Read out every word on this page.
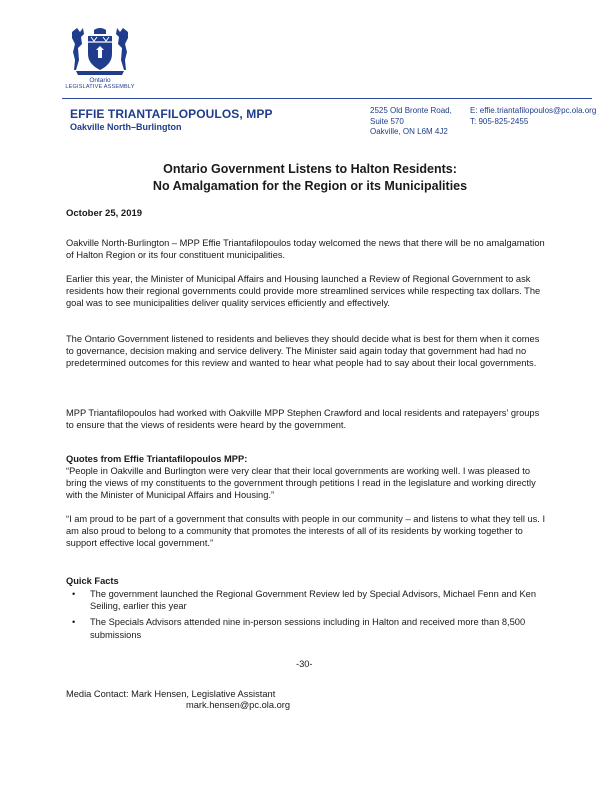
Ontario
LEGISLATIVE ASSEMBLY
EFFIE TRIANTAFILOPOULOS, MPP
Oakville North–Burlington
2525 Old Bronte Road,
Suite 570
Oakville, ON L6M 4J2
E: effie.triantafilopoulos@pc.ola.org
T: 905-825-2455
Ontario Government Listens to Halton Residents:
No Amalgamation for the Region or its Municipalities
October 25, 2019

Oakville North-Burlington – MPP Effie Triantafilopoulos today welcomed the news that there will be no amalgamation of Halton Region or its four constituent municipalities.

Earlier this year, the Minister of Municipal Affairs and Housing launched a Review of Regional Government to ask residents how their regional governments could provide more streamlined services while respecting tax dollars. The goal was to see municipalities deliver quality services efficiently and effectively.

The Ontario Government listened to residents and believes they should decide what is best for them when it comes to governance, decision making and service delivery. The Minister said again today that government had had no predetermined outcomes for this review and wanted to hear what people had to say about their local governments.

MPP Triantafilopoulos had worked with Oakville MPP Stephen Crawford and local residents and ratepayers' groups to ensure that the views of residents were heard by the government.

Quotes from Effie Triantafilopoulos MPP:

“People in Oakville and Burlington were very clear that their local governments are working well. I was pleased to bring the views of my constituents to the government through petitions I read in the legislature and working directly with the Minister of Municipal Affairs and Housing.”

“I am proud to be part of a government that consults with people in our community – and listens to what they tell us. I am also proud to belong to a community that promotes the interests of all of its residents by working together to support effective local government.”

Quick Facts
• The government launched the Regional Government Review led by Special Advisors, Michael Fenn and Ken Seiling, earlier this year
• The Specials Advisors attended nine in-person sessions including in Halton and received more than 8,500 submissions
-30-
Media Contact: Mark Hensen, Legislative Assistant
mark.hensen@pc.ola.org
